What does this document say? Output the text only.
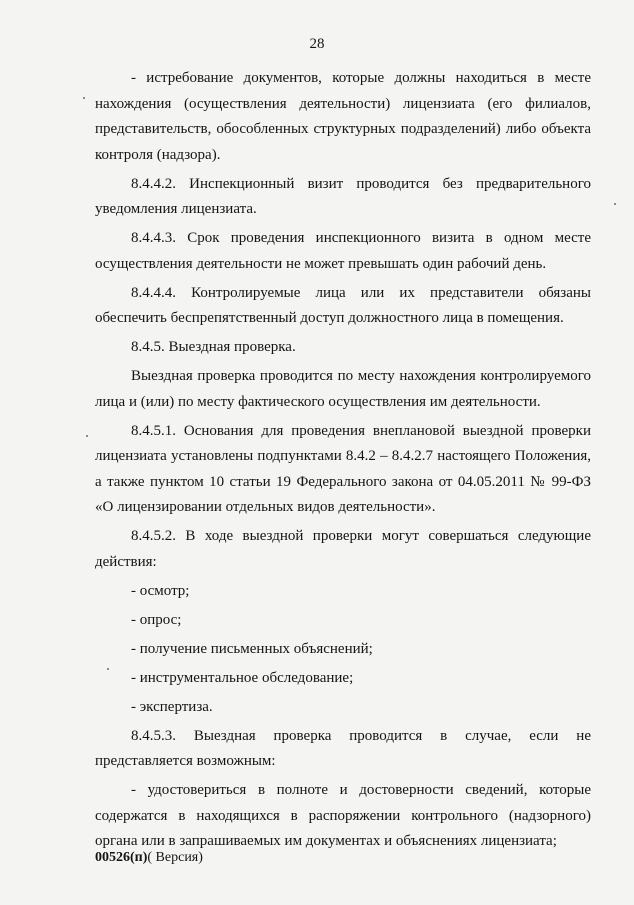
28

- истребование документов, которые должны находиться в месте нахождения (осуществления деятельности) лицензиата (его филиалов, представительств, обособленных структурных подразделений) либо объекта контроля (надзора).

8.4.4.2. Инспекционный визит проводится без предварительного уведомления лицензиата.

8.4.4.3. Срок проведения инспекционного визита в одном месте осуществления деятельности не может превышать один рабочий день.

8.4.4.4. Контролируемые лица или их представители обязаны обеспечить беспрепятственный доступ должностного лица в помещения.

8.4.5. Выездная проверка.

Выездная проверка проводится по месту нахождения контролируемого лица и (или) по месту фактического осуществления им деятельности.

8.4.5.1. Основания для проведения внеплановой выездной проверки лицензиата установлены подпунктами 8.4.2 – 8.4.2.7 настоящего Положения, а также пунктом 10 статьи 19 Федерального закона от 04.05.2011 № 99-ФЗ «О лицензировании отдельных видов деятельности».

8.4.5.2. В ходе выездной проверки могут совершаться следующие действия:

- осмотр;

- опрос;

- получение письменных объяснений;

- инструментальное обследование;

- экспертиза.

8.4.5.3. Выездная проверка проводится в случае, если не представляется возможным:

- удостовериться в полноте и достоверности сведений, которые содержатся в находящихся в распоряжении контрольного (надзорного) органа или в запрашиваемых им документах и объяснениях лицензиата;

00526(п)( Версия)
